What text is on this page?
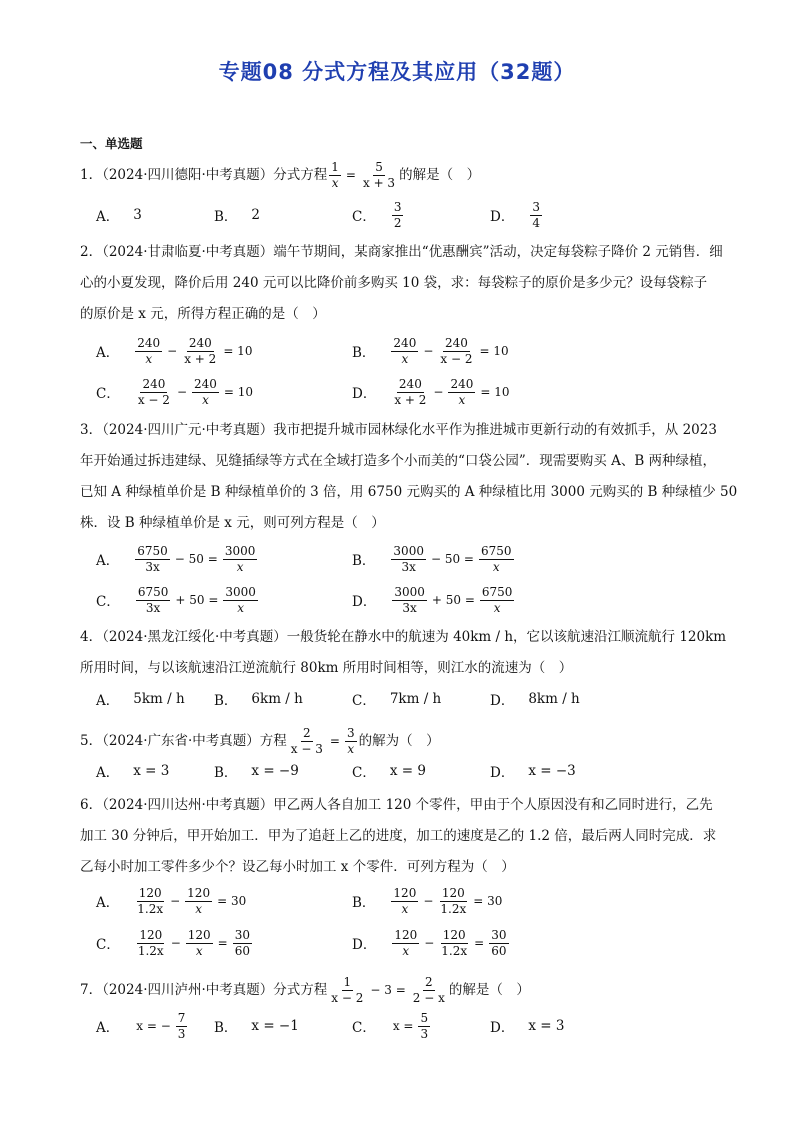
专题08 分式方程及其应用（32题）
一、单选题
1．（2024·四川德阳·中考真题）分式方程 $\frac{1}{x} = \frac{5}{x + 3}$ 的解是（　）
A． 3	B． 2	C． $\frac{3}{2}$	D． $\frac{3}{4}$
2．（2024·甘肃临夏·中考真题）端午节期间，某商家推出“优惠酬宾”活动，决定每袋粽子降价 2 元销售．细
心的小夏发现，降价后用 240 元可以比降价前多购买 10 袋，求：每袋粽子的原价是多少元？设每袋粽子
的原价是 x 元，所得方程正确的是（　）
A． $\frac{240}{x} - \frac{240}{x + 2} = 10$	B． $\frac{240}{x} - \frac{240}{x - 2} = 10$
C． $\frac{240}{x - 2} - \frac{240}{x} = 10$	D． $\frac{240}{x + 2} - \frac{240}{x} = 10$
3．（2024·四川广元·中考真题）我市把提升城市园林绿化水平作为推进城市更新行动的有效抓手，从 2023
年开始通过拆违建绿、见缝插绿等方式在全域打造多个小而美的“口袋公园”．现需要购买 A、B 两种绿植，
已知 A 种绿植单价是 B 种绿植单价的 3 倍，用 6750 元购买的 A 种绿植比用 3000 元购买的 B 种绿植少 50
株．设 B 种绿植单价是 x 元，则可列方程是（　）
A． $\frac{6750}{3x} - 50 = \frac{3000}{x}$	B． $\frac{3000}{3x} - 50 = \frac{6750}{x}$
C． $\frac{6750}{3x} + 50 = \frac{3000}{x}$	D． $\frac{3000}{3x} + 50 = \frac{6750}{x}$
4．（2024·黑龙江绥化·中考真题）一般货轮在静水中的航速为 40km / h，它以该航速沿江顺流航行 120km
所用时间，与以该航速沿江逆流航行 80km 所用时间相等，则江水的流速为（　）
A． 5km / h B． 6km / h	C． 7km / h	D． 8km / h
5．（2024·广东省·中考真题）方程 $\frac{2}{x - 3} = \frac{3}{x}$ 的解为（　）
A． x = 3	B． x = −9	C． x = 9	D． x = −3
6．（2024·四川达州·中考真题）甲乙两人各自加工 120 个零件，甲由于个人原因没有和乙同时进行，乙先
加工 30 分钟后，甲开始加工．甲为了追赶上乙的进度，加工的速度是乙的 1.2 倍，最后两人同时完成．求
乙每小时加工零件多少个？设乙每小时加工 x 个零件．可列方程为（　）
A． $\frac{120}{1.2x} - \frac{120}{x} = 30$	B． $\frac{120}{x} - \frac{120}{1.2x} = 30$
C． $\frac{120}{1.2x} - \frac{120}{x} = \frac{30}{60}$	D． $\frac{120}{x} - \frac{120}{1.2x} = \frac{30}{60}$
7．（2024·四川泸州·中考真题）分式方程 $\frac{1}{x - 2} - 3 = \frac{2}{2 - x}$ 的解是（　）
A． x = − $\frac{7}{3}$ B． x = −1	C． $x = \frac{5}{3}$	D． x = 3
